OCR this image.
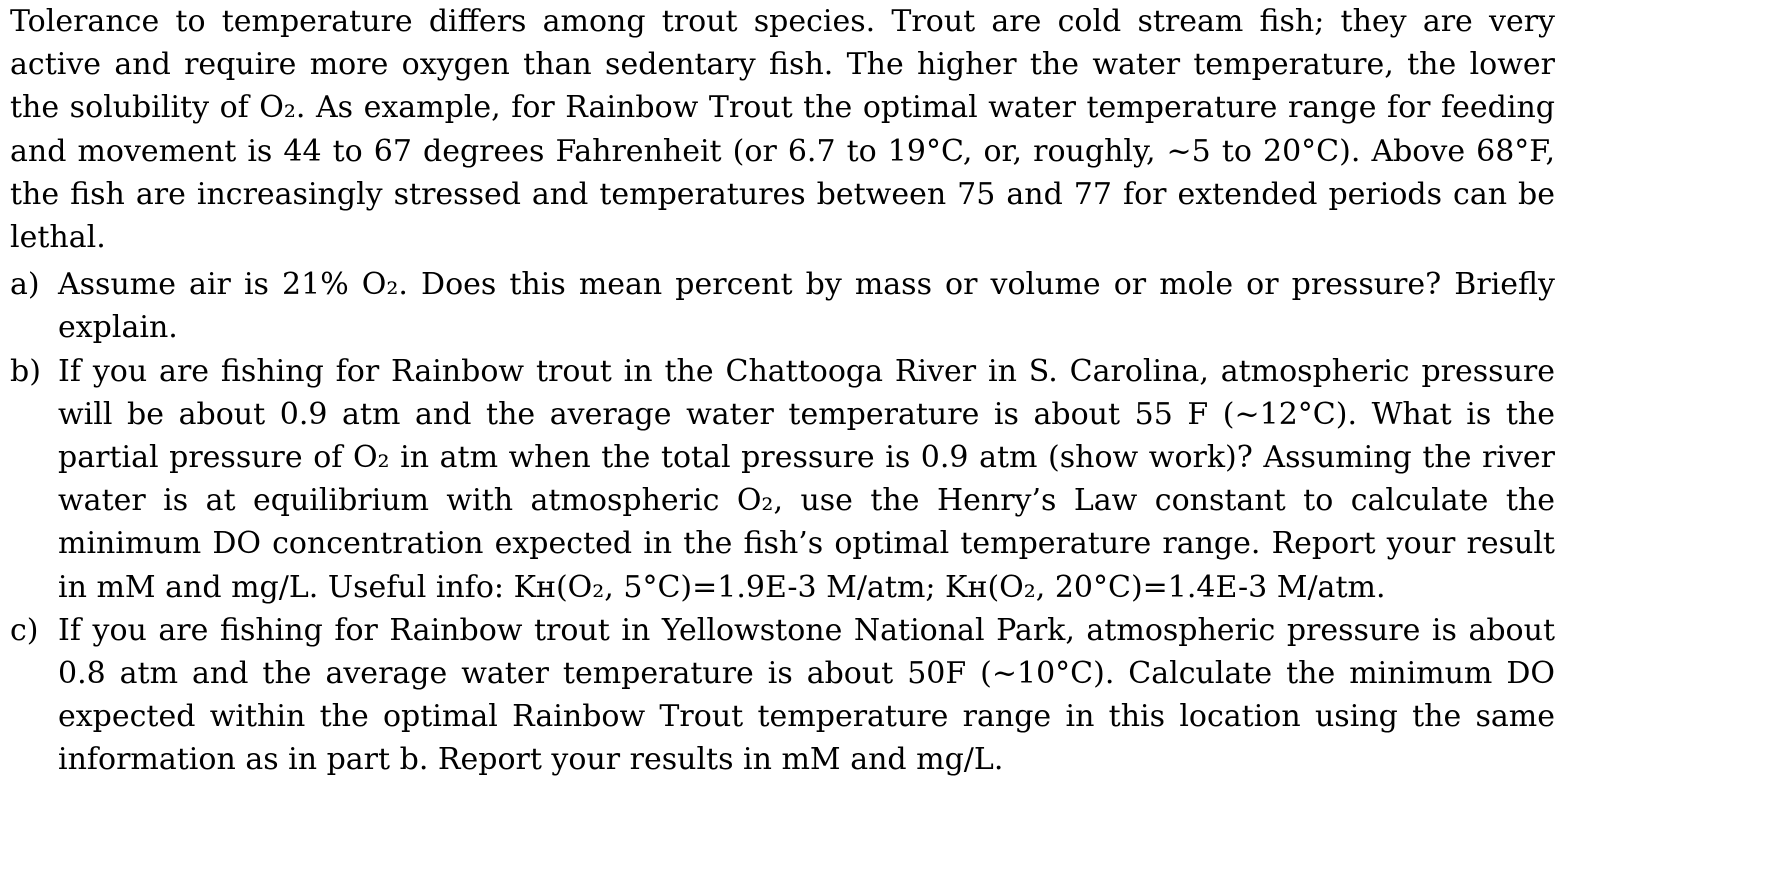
Tolerance to temperature differs among trout species. Trout are cold stream fish; they are very active and require more oxygen than sedentary fish. The higher the water temperature, the lower the solubility of O₂. As example, for Rainbow Trout the optimal water temperature range for feeding and movement is 44 to 67 degrees Fahrenheit (or 6.7 to 19°C, or, roughly, ~5 to 20°C). Above 68°F, the fish are increasingly stressed and temperatures between 75 and 77 for extended periods can be lethal.

a) Assume air is 21% O₂. Does this mean percent by mass or volume or mole or pressure? Briefly explain.
b) If you are fishing for Rainbow trout in the Chattooga River in S. Carolina, atmospheric pressure will be about 0.9 atm and the average water temperature is about 55 F (~12°C). What is the partial pressure of O₂ in atm when the total pressure is 0.9 atm (show work)? Assuming the river water is at equilibrium with atmospheric O₂, use the Henry’s Law constant to calculate the minimum DO concentration expected in the fish’s optimal temperature range. Report your result in mM and mg/L. Useful info: Kʜ(O₂, 5°C)=1.9E-3 M/atm; Kʜ(O₂, 20°C)=1.4E-3 M/atm.
c) If you are fishing for Rainbow trout in Yellowstone National Park, atmospheric pressure is about 0.8 atm and the average water temperature is about 50F (~10°C). Calculate the minimum DO expected within the optimal Rainbow Trout temperature range in this location using the same information as in part b. Report your results in mM and mg/L.
